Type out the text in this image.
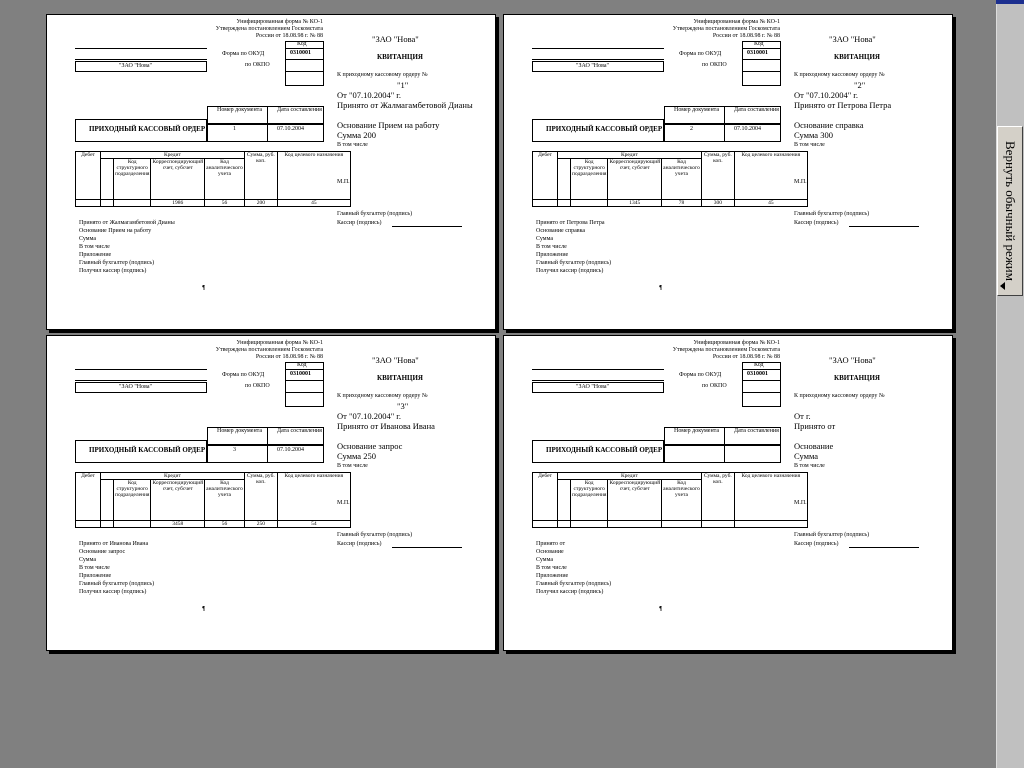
Вернуть обычный режим
Унифицированная форма № КО-1
Утверждена постановлением Госкомстата
России от 18.08.98 г. № 88
Код
0310001
Форма по ОКУД
по ОКПО
"ЗАО "Нова"
Номер документа Дата составления
1	07.10.2004
ПРИХОДНЫЙ КАССОВЫЙ ОРДЕР
Дебет	Кредит				Сумма, руб. коп.	Код целевого назначения
		Код структурного подразделения	Корреспондирующий счет, субсчет	Код аналитического учета		
			1986	56	200	45
Принято от Жалмагамбетовой Дианы
Основание Прием на работу
Сумма
В том числе
Приложение
Главный бухгалтер (подпись)
Получил кассир (подпись)
¶
"ЗАО "Нова"
КВИТАНЦИЯ
К приходному кассовому ордеру №
"1"
От "07.10.2004" г.
Принято от Жалмагамбетовой Дианы
Основание Прием на работу
Сумма 200
В том числе
М.П.
Главный бухгалтер (подпись)
Кассир (подпись)
Унифицированная форма № КО-1
Утверждена постановлением Госкомстата
России от 18.08.98 г. № 88
Код
0310001
Форма по ОКУД
по ОКПО
"ЗАО "Нова"
Номер документа Дата составления
2	07.10.2004
ПРИХОДНЫЙ КАССОВЫЙ ОРДЕР
Дебет	Кредит				Сумма, руб. коп.	Код целевого назначения
		Код структурного подразделения	Корреспондирующий счет, субсчет	Код аналитического учета		
			1345	78	300	45
Принято от Петрова Петра
Основание справка
Сумма
В том числе
Приложение
Главный бухгалтер (подпись)
Получил кассир (подпись)
¶
"ЗАО "Нова"
КВИТАНЦИЯ
К приходному кассовому ордеру №
"2"
От "07.10.2004" г.
Принято от Петрова Петра
Основание справка
Сумма 300
В том числе
М.П.
Главный бухгалтер (подпись)
Кассир (подпись)
Унифицированная форма № КО-1
Утверждена постановлением Госкомстата
России от 18.08.98 г. № 88
Код
0310001
Форма по ОКУД
по ОКПО
"ЗАО "Нова"
Номер документа Дата составления
3	07.10.2004
ПРИХОДНЫЙ КАССОВЫЙ ОРДЕР
Дебет	Кредит				Сумма, руб. коп.	Код целевого назначения
		Код структурного подразделения	Корреспондирующий счет, субсчет	Код аналитического учета		
			3458	56	250	54
Принято от Иванова Ивана
Основание запрос
Сумма
В том числе
Приложение
Главный бухгалтер (подпись)
Получил кассир (подпись)
¶
"ЗАО "Нова"
КВИТАНЦИЯ
К приходному кассовому ордеру №
"3"
От "07.10.2004" г.
Принято от Иванова Ивана
Основание запрос
Сумма 250
В том числе
М.П.
Главный бухгалтер (подпись)
Кассир (подпись)
Унифицированная форма № КО-1
Утверждена постановлением Госкомстата
России от 18.08.98 г. № 88
Код
0310001
Форма по ОКУД
по ОКПО
"ЗАО "Нова"
Номер документа Дата составления
ПРИХОДНЫЙ КАССОВЫЙ ОРДЕР
Дебет	Кредит				Сумма, руб. коп.	Код целевого назначения
		Код структурного подразделения	Корреспондирующий счет, субсчет	Код аналитического учета		

Принято от
Основание
Сумма
В том числе
Приложение
Главный бухгалтер (подпись)
Получил кассир (подпись)
¶
"ЗАО "Нова"
КВИТАНЦИЯ
К приходному кассовому ордеру №
От г.
Принято от
Основание
Сумма
В том числе
М.П.
Главный бухгалтер (подпись)
Кассир (подпись)
